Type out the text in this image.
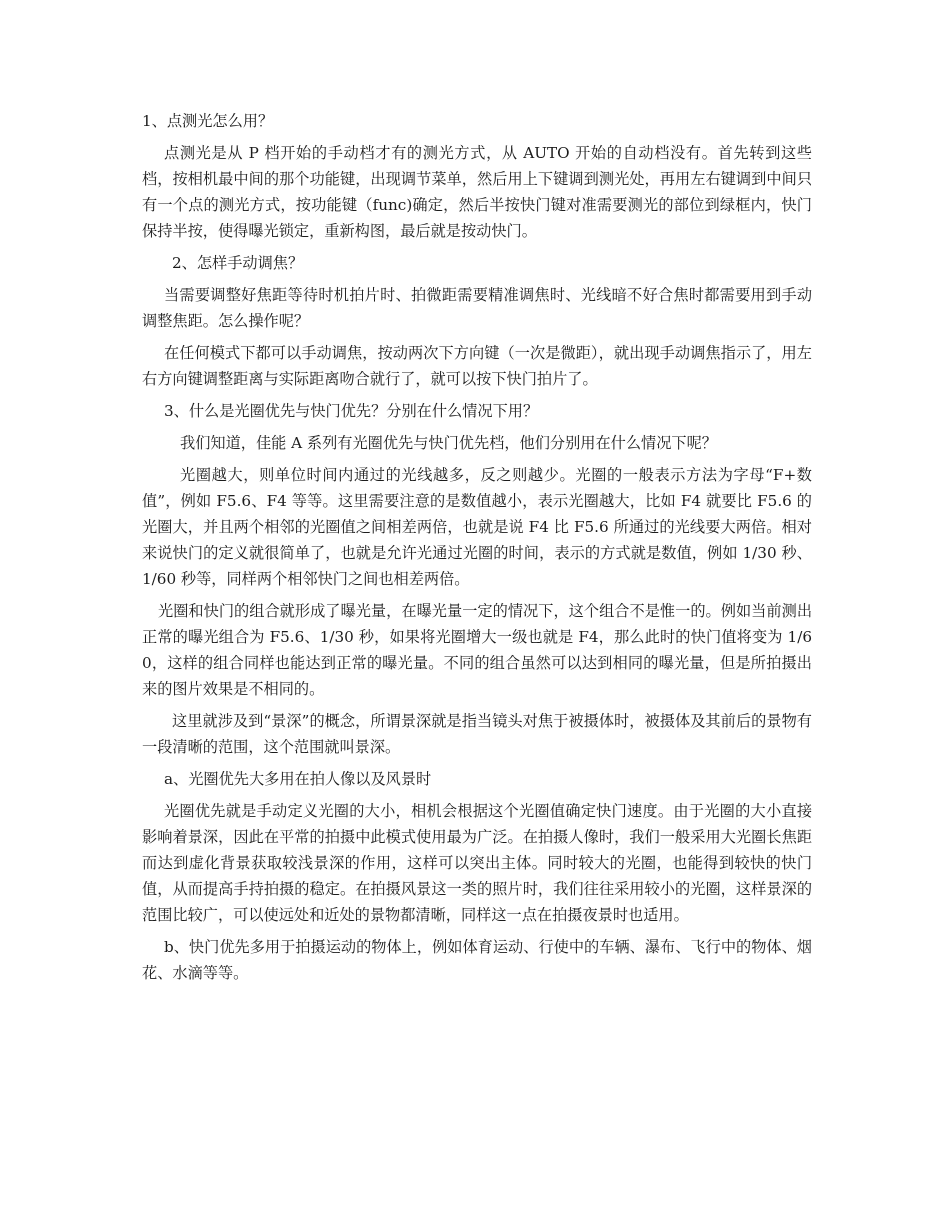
1、点测光怎么用？

点测光是从 P 档开始的手动档才有的测光方式，从 AUTO 开始的自动档没有。首先转到这些档，按相机最中间的那个功能键，出现调节菜单，然后用上下键调到测光处，再用左右键调到中间只有一个点的测光方式，按功能键（func)确定，然后半按快门键对准需要测光的部位到绿框内，快门保持半按，使得曝光锁定，重新构图，最后就是按动快门。

2、怎样手动调焦？

当需要调整好焦距等待时机拍片时、拍微距需要精准调焦时、光线暗不好合焦时都需要用到手动调整焦距。怎么操作呢？

在任何模式下都可以手动调焦，按动两次下方向键（一次是微距），就出现手动调焦指示了，用左右方向键调整距离与实际距离吻合就行了，就可以按下快门拍片了。

3、什么是光圈优先与快门优先？分别在什么情况下用？

我们知道，佳能 A 系列有光圈优先与快门优先档，他们分别用在什么情况下呢？

光圈越大，则单位时间内通过的光线越多，反之则越少。光圈的一般表示方法为字母“F+数值”，例如 F5.6、F4 等等。这里需要注意的是数值越小，表示光圈越大，比如 F4 就要比 F5.6 的光圈大，并且两个相邻的光圈值之间相差两倍，也就是说 F4 比 F5.6 所通过的光线要大两倍。相对来说快门的定义就很简单了，也就是允许光通过光圈的时间，表示的方式就是数值，例如 1/30 秒、1/60 秒等，同样两个相邻快门之间也相差两倍。

光圈和快门的组合就形成了曝光量，在曝光量一定的情况下，这个组合不是惟一的。例如当前测出正常的曝光组合为 F5.6、1/30 秒，如果将光圈增大一级也就是 F4，那么此时的快门值将变为 1/60，这样的组合同样也能达到正常的曝光量。不同的组合虽然可以达到相同的曝光量，但是所拍摄出来的图片效果是不相同的。

这里就涉及到“景深”的概念，所谓景深就是指当镜头对焦于被摄体时，被摄体及其前后的景物有一段清晰的范围，这个范围就叫景深。

a、光圈优先大多用在拍人像以及风景时

光圈优先就是手动定义光圈的大小，相机会根据这个光圈值确定快门速度。由于光圈的大小直接影响着景深，因此在平常的拍摄中此模式使用最为广泛。在拍摄人像时，我们一般采用大光圈长焦距而达到虚化背景获取较浅景深的作用，这样可以突出主体。同时较大的光圈，也能得到较快的快门值，从而提高手持拍摄的稳定。在拍摄风景这一类的照片时，我们往往采用较小的光圈，这样景深的范围比较广，可以使远处和近处的景物都清晰，同样这一点在拍摄夜景时也适用。

b、快门优先多用于拍摄运动的物体上，例如体育运动、行使中的车辆、瀑布、飞行中的物体、烟花、水滴等等。
